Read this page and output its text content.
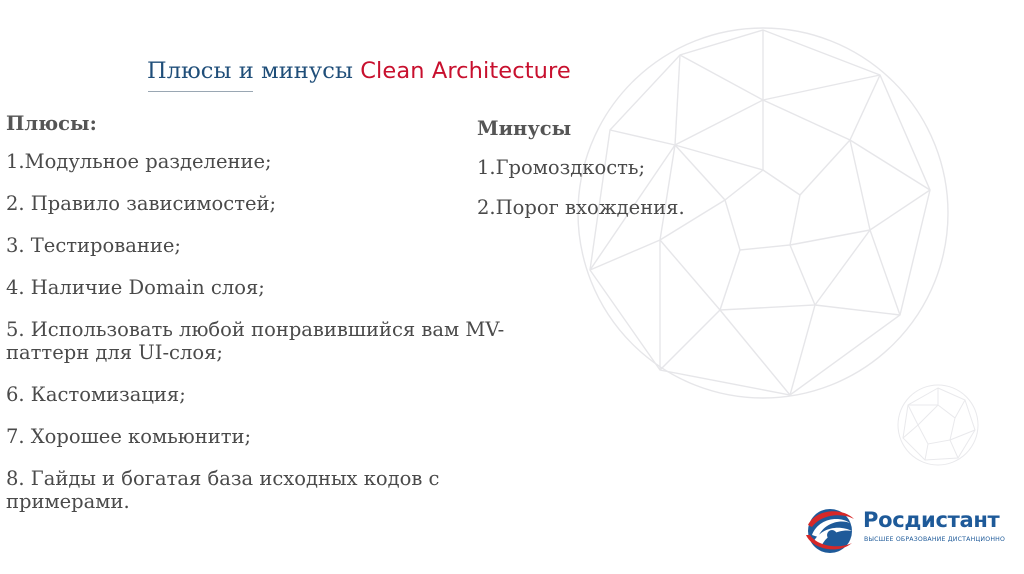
Плюсы и минусы Clean Architecture
Плюсы:
1.Модульное разделение;
2. Правило зависимостей;
3. Тестирование;
4. Наличие Domain слоя;
5. Использовать любой понравившийся вам MV-паттерн для UI-слоя;
6. Кастомизация;
7. Хорошее комьюнити;
8. Гайды и богатая база исходных кодов с примерами.
Минусы
1.Громоздкость;
2.Порог вхождения.
Росдистант
ВЫСШЕЕ ОБРАЗОВАНИЕ ДИСТАНЦИОННО
